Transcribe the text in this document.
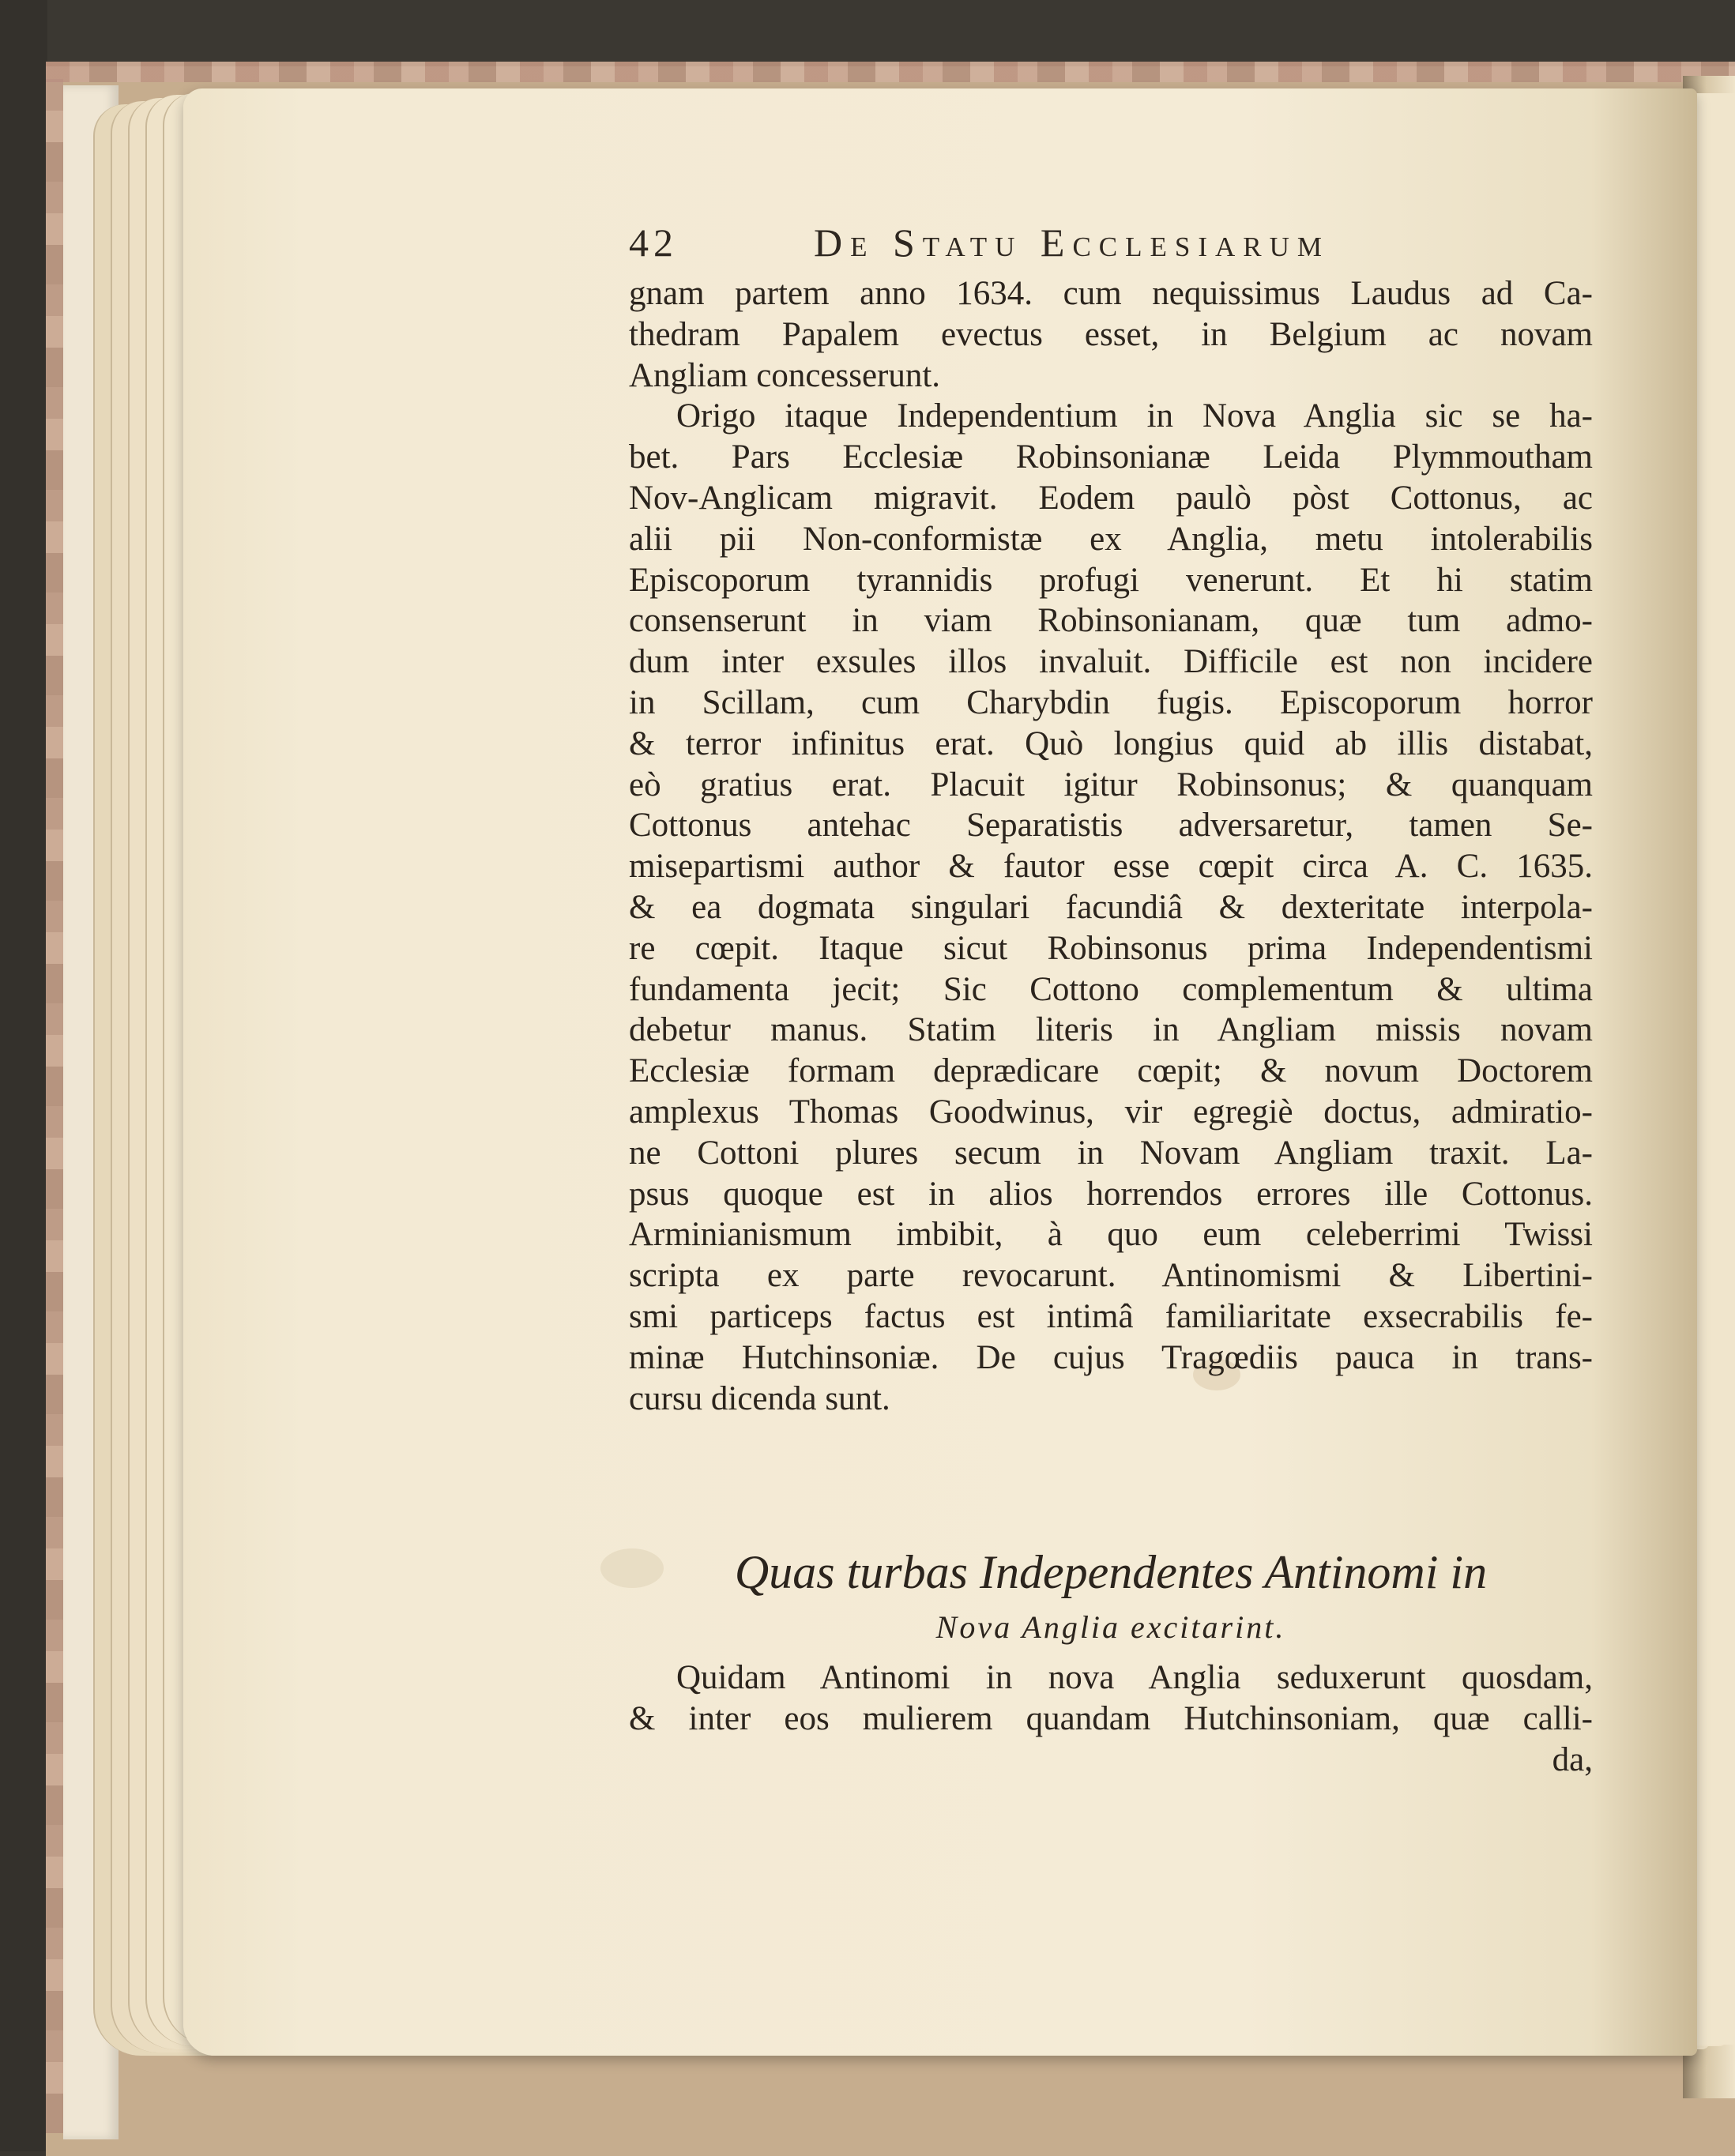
42	De Statu Ecclesiarum
gnam partem anno 1634. cum nequissimus Laudus ad Ca-
thedram Papalem evectus esset, in Belgium ac novam
Angliam concesserunt.
Origo itaque Independentium in Nova Anglia sic se ha-
bet. Pars Ecclesiæ Robinsonianæ Leida Plymmoutham
Nov-Anglicam migravit. Eodem paulò pòst Cottonus, ac
alii pii Non-conformistæ ex Anglia, metu intolerabilis
Episcoporum tyrannidis profugi venerunt. Et hi statim
consenserunt in viam Robinsonianam, quæ tum admo-
dum inter exsules illos invaluit. Difficile est non incidere
in Scillam, cum Charybdin fugis. Episcoporum horror
& terror infinitus erat. Quò longius quid ab illis distabat,
eò gratius erat. Placuit igitur Robinsonus; & quanquam
Cottonus antehac Separatistis adversaretur, tamen Se-
misepartismi author & fautor esse cœpit circa A. C. 1635.
& ea dogmata singulari facundiâ & dexteritate interpola-
re cœpit. Itaque sicut Robinsonus prima Independentismi
fundamenta jecit; Sic Cottono complementum & ultima
debetur manus. Statim literis in Angliam missis novam
Ecclesiæ formam deprædicare cœpit; & novum Doctorem
amplexus Thomas Goodwinus, vir egregiè doctus, admiratio-
ne Cottoni plures secum in Novam Angliam traxit. La-
psus quoque est in alios horrendos errores ille Cottonus.
Arminianismum imbibit, à quo eum celeberrimi Twissi
scripta ex parte revocarunt. Antinomismi & Libertini-
smi particeps factus est intimâ familiaritate exsecrabilis fe-
minæ Hutchinsoniæ. De cujus Tragœdiis pauca in trans-
cursu dicenda sunt.
Quas turbas Independentes Antinomi in
Nova Anglia excitarint.
Quidam Antinomi in nova Anglia seduxerunt quosdam,
& inter eos mulierem quandam Hutchinsoniam, quæ calli-
da,
